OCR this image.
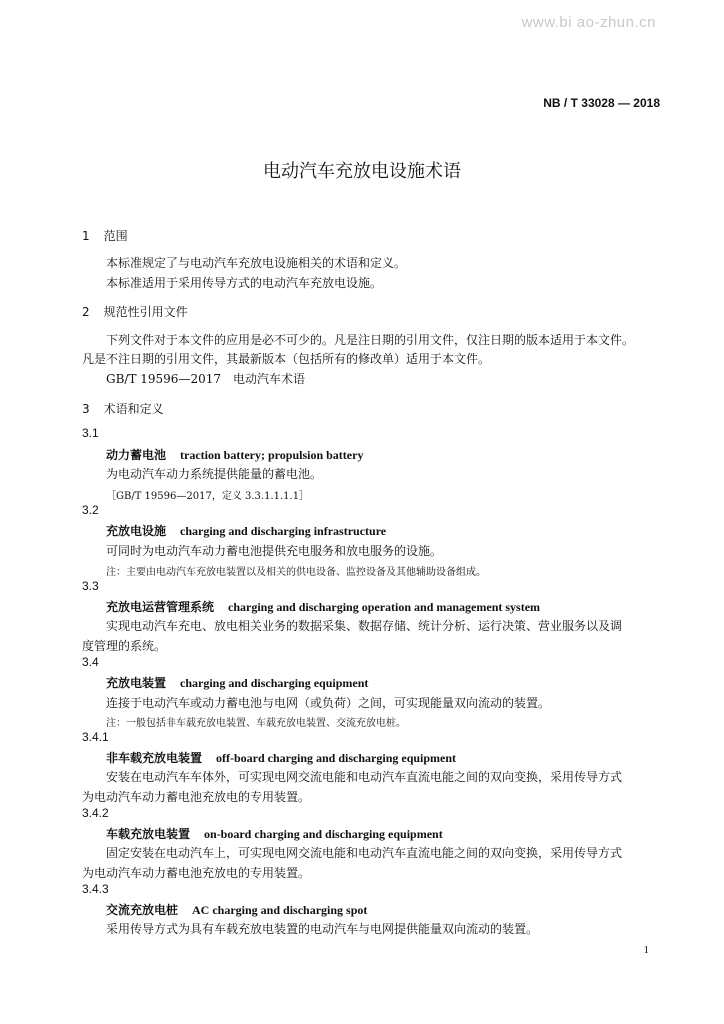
www.bi ao-zhun.cn
NB / T 33028 — 2018
电动汽车充放电设施术语
1 范围
本标准规定了与电动汽车充放电设施相关的术语和定义。
本标准适用于采用传导方式的电动汽车充放电设施。
2 规范性引用文件
下列文件对于本文件的应用是必不可少的。凡是注日期的引用文件，仅注日期的版本适用于本文件。
凡是不注日期的引用文件，其最新版本（包括所有的修改单）适用于本文件。
GB/T 19596—2017　电动汽车术语
3 术语和定义
3.1
动力蓄电池 traction battery; propulsion battery
为电动汽车动力系统提供能量的蓄电池。
［GB/T 19596—2017，定义 3.3.1.1.1.1］
3.2
充放电设施 charging and discharging infrastructure
可同时为电动汽车动力蓄电池提供充电服务和放电服务的设施。
注：主要由电动汽车充放电装置以及相关的供电设备、监控设备及其他辅助设备组成。
3.3
充放电运营管理系统 charging and discharging operation and management system
实现电动汽车充电、放电相关业务的数据采集、数据存储、统计分析、运行决策、营业服务以及调
度管理的系统。
3.4
充放电装置 charging and discharging equipment
连接于电动汽车或动力蓄电池与电网（或负荷）之间，可实现能量双向流动的装置。
注：一般包括非车载充放电装置、车载充放电装置、交流充放电桩。
3.4.1
非车载充放电装置 off-board charging and discharging equipment
安装在电动汽车车体外，可实现电网交流电能和电动汽车直流电能之间的双向变换，采用传导方式
为电动汽车动力蓄电池充放电的专用装置。
3.4.2
车载充放电装置 on-board charging and discharging equipment
固定安装在电动汽车上，可实现电网交流电能和电动汽车直流电能之间的双向变换，采用传导方式
为电动汽车动力蓄电池充放电的专用装置。
3.4.3
交流充放电桩 AC charging and discharging spot
采用传导方式为具有车载充放电装置的电动汽车与电网提供能量双向流动的装置。
1
